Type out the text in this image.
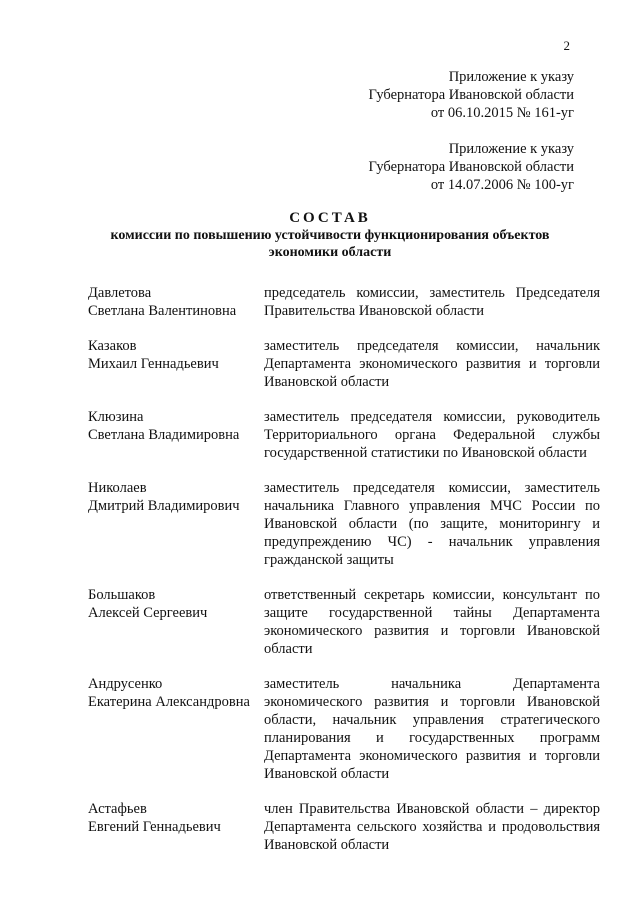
2
Приложение к указу
Губернатора Ивановской области
от 06.10.2015 № 161-уг
Приложение к указу
Губернатора Ивановской области
от 14.07.2006 № 100-уг
СОСТАВ
комиссии по повышению устойчивости функционирования объектов
экономики области
Давлетова
Светлана Валентиновна
председатель комиссии, заместитель Председателя Правительства Ивановской области
Казаков
Михаил Геннадьевич
заместитель председателя комиссии, начальник Департамента экономического развития и торговли Ивановской области
Клюзина
Светлана Владимировна
заместитель председателя комиссии, руководитель Территориального органа Федеральной службы государственной статистики по Ивановской области
Николаев
Дмитрий Владимирович
заместитель председателя комиссии, заместитель начальника Главного управления МЧС России по Ивановской области (по защите, мониторингу и предупреждению ЧС) - начальник управления гражданской защиты
Большаков
Алексей Сергеевич
ответственный секретарь комиссии, консультант по защите государственной тайны Департамента экономического развития и торговли Ивановской области
Андрусенко
Екатерина Александровна
заместитель начальника Департамента экономического развития и торговли Ивановской области, начальник управления стратегического планирования и государственных программ Департамента экономического развития и торговли Ивановской области
Астафьев
Евгений Геннадьевич
член Правительства Ивановской области – директор Департамента сельского хозяйства и продовольствия Ивановской области
